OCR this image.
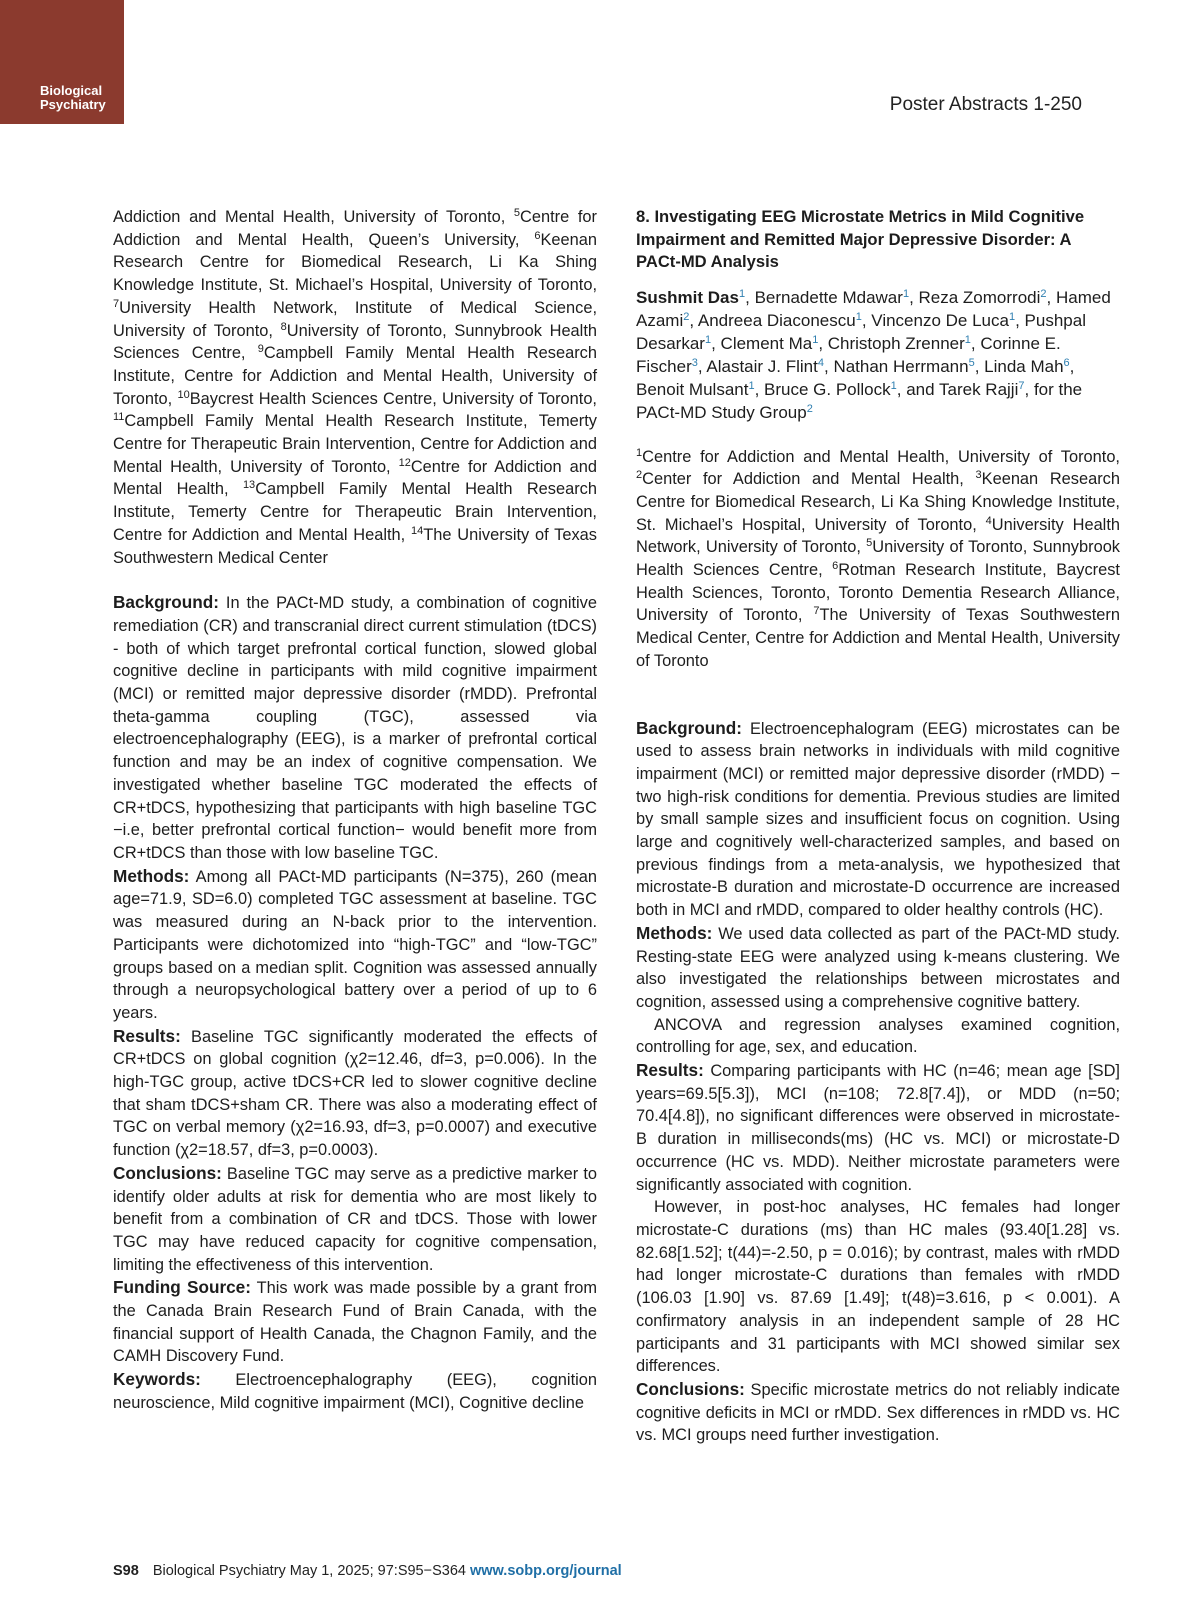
Biological
Psychiatry	Poster Abstracts 1-250

Addiction and Mental Health, University of Toronto, $^5$Centre for Addiction and Mental Health, Queen’s University, $^6$Keenan Research Centre for Biomedical Research, Li Ka Shing Knowledge Institute, St. Michael’s Hospital, University of Toronto, $^7$University Health Network, Institute of Medical Science, University of Toronto, $^8$University of Toronto, Sunnybrook Health Sciences Centre, $^9$Campbell Family Mental Health Research Institute, Centre for Addiction and Mental Health, University of Toronto, $^{10}$Baycrest Health Sciences Centre, University of Toronto, $^{11}$Campbell Family Mental Health Research Institute, Temerty Centre for Therapeutic Brain Intervention, Centre for Addiction and Mental Health, University of Toronto, $^{12}$Centre for Addiction and Mental Health, $^{13}$Campbell Family Mental Health Research Institute, Temerty Centre for Therapeutic Brain Intervention, Centre for Addiction and Mental Health, $^{14}$The University of Texas Southwestern Medical Center

Background: In the PACt-MD study, a combination of cognitive remediation (CR) and transcranial direct current stimulation (tDCS) - both of which target prefrontal cortical function, slowed global cognitive decline in participants with mild cognitive impairment (MCI) or remitted major depressive disorder (rMDD). Prefrontal theta-gamma coupling (TGC), assessed via electroencephalography (EEG), is a marker of prefrontal cortical function and may be an index of cognitive compensation. We investigated whether baseline TGC moderated the effects of CR+tDCS, hypothesizing that participants with high baseline TGC −i.e, better prefrontal cortical function− would benefit more from CR+tDCS than those with low baseline TGC.

Methods: Among all PACt-MD participants (N=375), 260 (mean age=71.9, SD=6.0) completed TGC assessment at baseline. TGC was measured during an N-back prior to the intervention. Participants were dichotomized into “high-TGC” and “low-TGC” groups based on a median split. Cognition was assessed annually through a neuropsychological battery over a period of up to 6 years.

Results: Baseline TGC significantly moderated the effects of CR+tDCS on global cognition (χ2=12.46, df=3, p=0.006). In the high-TGC group, active tDCS+CR led to slower cognitive decline that sham tDCS+sham CR. There was also a moderating effect of TGC on verbal memory (χ2=16.93, df=3, p=0.0007) and executive function (χ2=18.57, df=3, p=0.0003).

Conclusions: Baseline TGC may serve as a predictive marker to identify older adults at risk for dementia who are most likely to benefit from a combination of CR and tDCS. Those with lower TGC may have reduced capacity for cognitive compensation, limiting the effectiveness of this intervention.

Funding Source: This work was made possible by a grant from the Canada Brain Research Fund of Brain Canada, with the financial support of Health Canada, the Chagnon Family, and the CAMH Discovery Fund.

Keywords: Electroencephalography (EEG), cognition neuroscience, Mild cognitive impairment (MCI), Cognitive decline

8. Investigating EEG Microstate Metrics in Mild Cognitive Impairment and Remitted Major Depressive Disorder: A PACt-MD Analysis

Sushmit Das$^1$, Bernadette Mdawar$^1$, Reza Zomorrodi$^2$, Hamed Azami$^2$, Andreea Diaconescu$^1$, Vincenzo De Luca$^1$, Pushpal Desarkar$^1$, Clement Ma$^1$, Christoph Zrenner$^1$, Corinne E. Fischer$^3$, Alastair J. Flint$^4$, Nathan Herrmann$^5$, Linda Mah$^6$, Benoit Mulsant$^1$, Bruce G. Pollock$^1$, and Tarek Rajji$^7$, for the PACt-MD Study Group$^2$

$^1$Centre for Addiction and Mental Health, University of Toronto, $^2$Center for Addiction and Mental Health, $^3$Keenan Research Centre for Biomedical Research, Li Ka Shing Knowledge Institute, St. Michael’s Hospital, University of Toronto, $^4$University Health Network, University of Toronto, $^5$University of Toronto, Sunnybrook Health Sciences Centre, $^6$Rotman Research Institute, Baycrest Health Sciences, Toronto, Toronto Dementia Research Alliance, University of Toronto, $^7$The University of Texas Southwestern Medical Center, Centre for Addiction and Mental Health, University of Toronto

Background: Electroencephalogram (EEG) microstates can be used to assess brain networks in individuals with mild cognitive impairment (MCI) or remitted major depressive disorder (rMDD) − two high-risk conditions for dementia. Previous studies are limited by small sample sizes and insufficient focus on cognition. Using large and cognitively well-characterized samples, and based on previous findings from a meta-analysis, we hypothesized that microstate-B duration and microstate-D occurrence are increased both in MCI and rMDD, compared to older healthy controls (HC).

Methods: We used data collected as part of the PACt-MD study. Resting-state EEG were analyzed using k-means clustering. We also investigated the relationships between microstates and cognition, assessed using a comprehensive cognitive battery.

ANCOVA and regression analyses examined cognition, controlling for age, sex, and education.

Results: Comparing participants with HC (n=46; mean age [SD] years=69.5[5.3]), MCI (n=108; 72.8[7.4]), or MDD (n=50; 70.4[4.8]), no significant differences were observed in microstate-B duration in milliseconds(ms) (HC vs. MCI) or microstate-D occurrence (HC vs. MDD). Neither microstate parameters were significantly associated with cognition.

However, in post-hoc analyses, HC females had longer microstate-C durations (ms) than HC males (93.40[1.28] vs. 82.68[1.52]; t(44)=-2.50, p = 0.016); by contrast, males with rMDD had longer microstate-C durations than females with rMDD (106.03 [1.90] vs. 87.69 [1.49]; t(48)=3.616, p < 0.001). A confirmatory analysis in an independent sample of 28 HC participants and 31 participants with MCI showed similar sex differences.

Conclusions: Specific microstate metrics do not reliably indicate cognitive deficits in MCI or rMDD. Sex differences in rMDD vs. HC vs. MCI groups need further investigation.

S98 Biological Psychiatry May 1, 2025; 97:S95−S364 www.sobp.org/journal
